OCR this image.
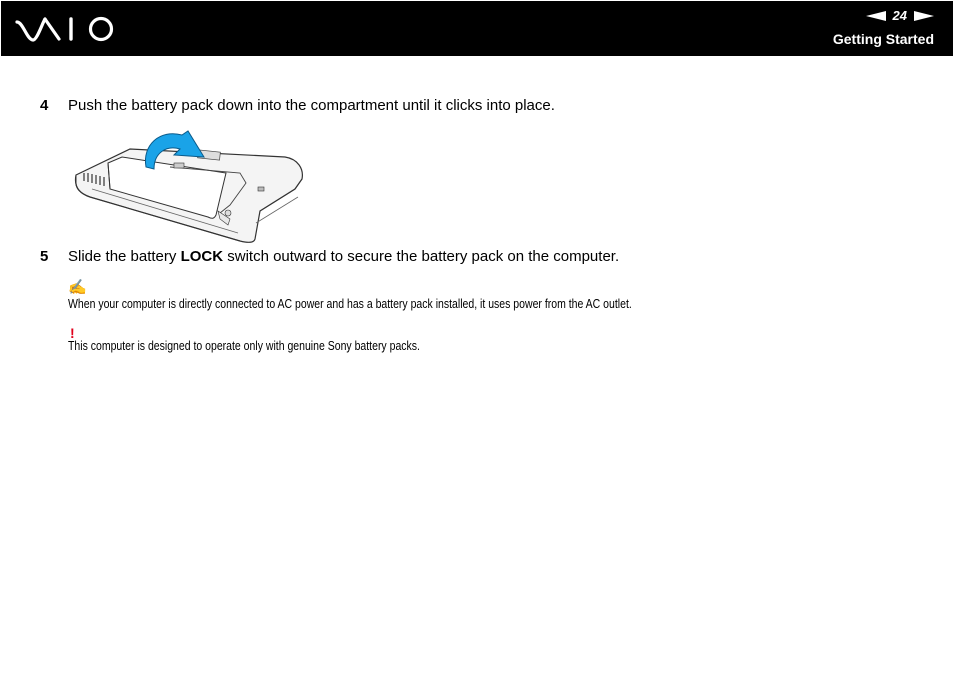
24
Getting Started
4 Push the battery pack down into the compartment until it clicks into place.
5 Slide the battery LOCK switch outward to secure the battery pack on the computer.
✍
When your computer is directly connected to AC power and has a battery pack installed, it uses power from the AC outlet.
!
This computer is designed to operate only with genuine Sony battery packs.
